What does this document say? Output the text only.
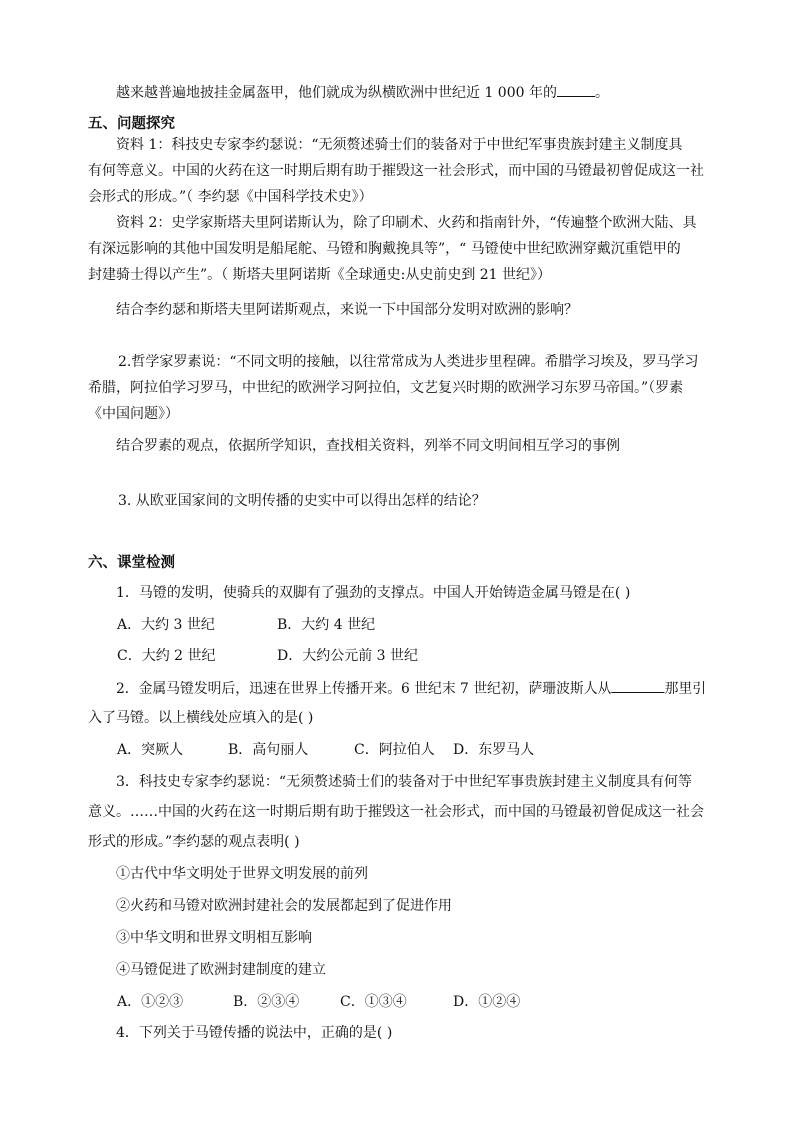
越来越普遍地披挂金属盔甲，他们就成为纵横欧洲中世纪近 1 000 年的	。
五、问题探究
资料 1：科技史专家李约瑟说：“无须赘述骑士们的装备对于中世纪军事贵族封建主义制度具
有何等意义。中国的火药在这一时期后期有助于摧毁这一社会形式，而中国的马镫最初曾促成这一社
会形式的形成。”（ 李约瑟《中国科学技术史》）
资料 2：史学家斯塔夫里阿诺斯认为，除了印刷术、火药和指南针外，“传遍整个欧洲大陆、具
有深远影响的其他中国发明是船尾舵、马镫和胸戴挽具等”，“ 马镫使中世纪欧洲穿戴沉重铠甲的
封建骑士得以产生”。（ 斯塔夫里阿诺斯《全球通史:从史前史到 21 世纪》）
结合李约瑟和斯塔夫里阿诺斯观点，来说一下中国部分发明对欧洲的影响？
2.哲学家罗素说：“不同文明的接触，以往常常成为人类进步里程碑。希腊学习埃及，罗马学习
希腊，阿拉伯学习罗马，中世纪的欧洲学习阿拉伯，文艺复兴时期的欧洲学习东罗马帝国。”（罗素
《中国问题》）
结合罗素的观点，依据所学知识，查找相关资料，列举不同文明间相互学习的事例
3. 从欧亚国家间的文明传播的史实中可以得出怎样的结论？
六、课堂检测
1．马镫的发明，使骑兵的双脚有了强劲的支撑点。中国人开始铸造金属马镫是在( )
A．大约 3 世纪	B．大约 4 世纪
C．大约 2 世纪	D．大约公元前 3 世纪
2．金属马镫发明后，迅速在世界上传播开来。6 世纪末 7 世纪初，萨珊波斯人从	那里引
入了马镫。以上横线处应填入的是( )
A．突厥人	B．高句丽人	C．阿拉伯人 D．东罗马人
3．科技史专家李约瑟说：“无须赘述骑士们的装备对于中世纪军事贵族封建主义制度具有何等
意义。……中国的火药在这一时期后期有助于摧毁这一社会形式，而中国的马镫最初曾促成这一社会
形式的形成。”李约瑟的观点表明( )
①古代中华文明处于世界文明发展的前列
②火药和马镫对欧洲封建社会的发展都起到了促进作用
③中华文明和世界文明相互影响
④马镫促进了欧洲封建制度的建立
A．①②③	B．②③④	C．①③④	D．①②④
4．下列关于马镫传播的说法中，正确的是( )
